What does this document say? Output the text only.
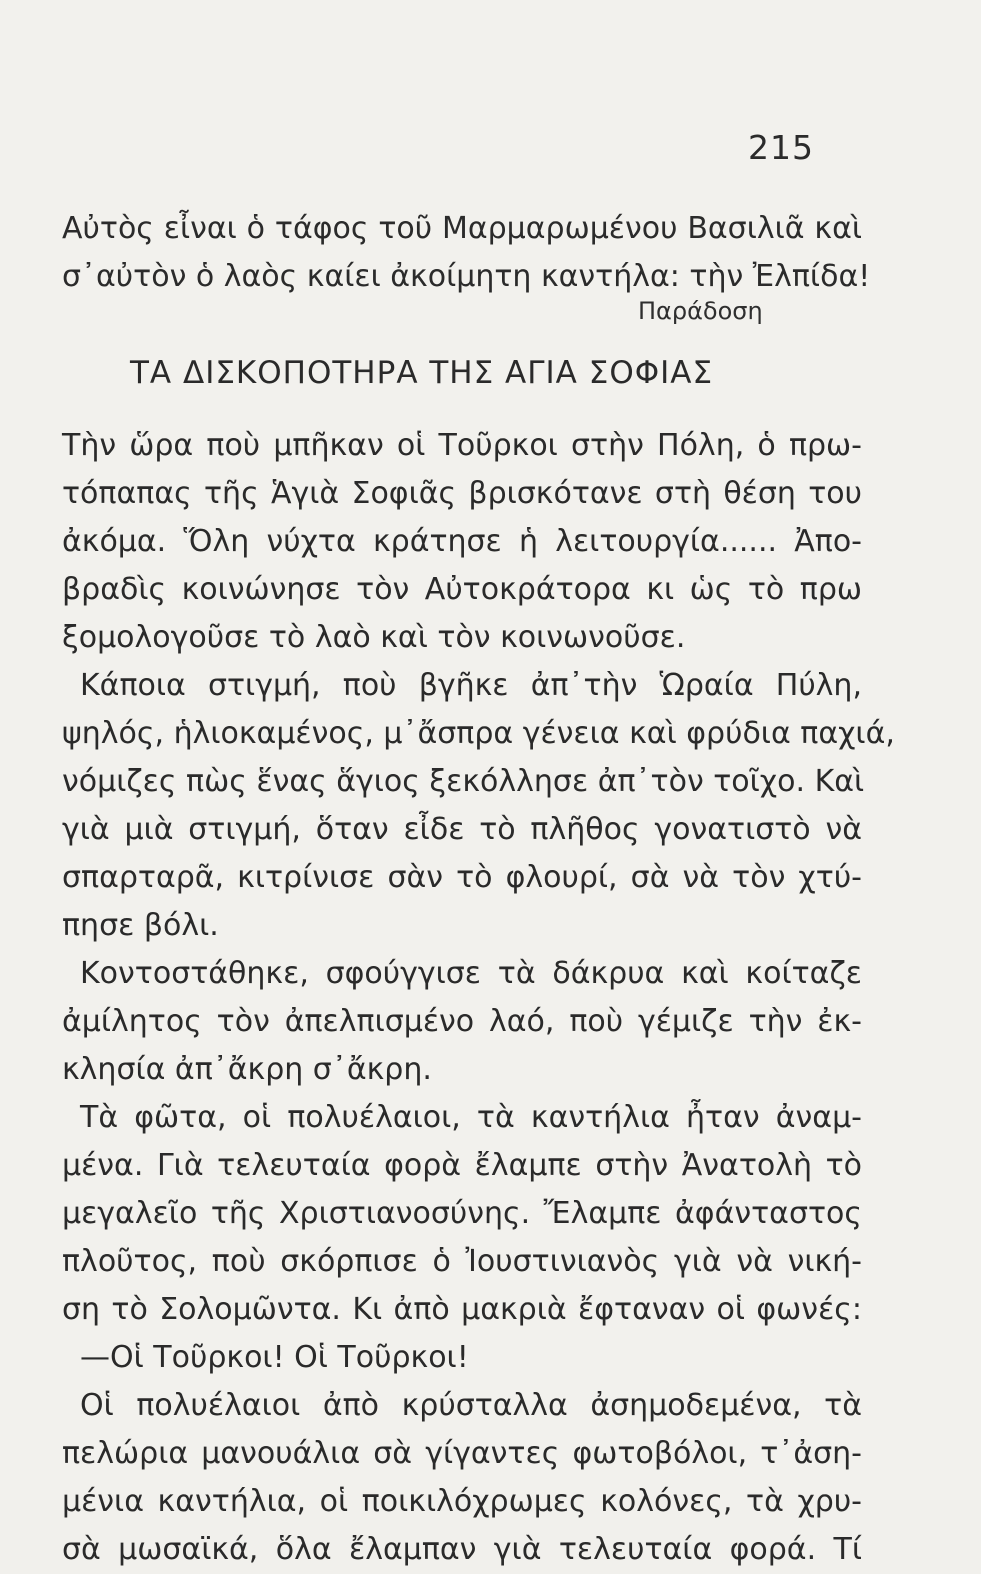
215
Αὐτὸς εἶναι ὁ τάφος τοῦ Μαρμαρωμένου Βασιλιᾶ καὶ
σ᾽αὐτὸν ὁ λαὸς καίει ἀκοίμητη καντήλα: τὴν Ἐλπίδα!
Παράδοση
ΤΑ ΔΙΣΚΟΠΟΤΗΡΑ ΤΗΣ ΑΓΙΑ ΣΟΦΙΑΣ
Τὴν ὥρα ποὺ μπῆκαν οἱ Τοῦρκοι στὴν Πόλη, ὁ πρω-
τόπαπας τῆς Ἁγιὰ Σοφιᾶς βρισκότανε στὴ θέση του
ἀκόμα. Ὅλη νύχτα κράτησε ἡ λειτουργία...... Ἀπο-
βραδὶς κοινώνησε τὸν Αὐτοκράτορα κι ὡς τὸ πρω
ξομολογοῦσε τὸ λαὸ καὶ τὸν κοινωνοῦσε.
Κάποια στιγμή, ποὺ βγῆκε ἀπ᾽τὴν Ὡραία Πύλη,
ψηλός, ἡλιοκαμένος, μ᾽ἄσπρα γένεια καὶ φρύδια παχιά,
νόμιζες πὼς ἕνας ἅγιος ξεκόλλησε ἀπ᾽τὸν τοῖχο. Καὶ
γιὰ μιὰ στιγμή, ὅταν εἶδε τὸ πλῆθος γονατιστὸ νὰ
σπαρταρᾶ, κιτρίνισε σὰν τὸ φλουρί, σὰ νὰ τὸν χτύ-
πησε βόλι.
Κοντοστάθηκε, σφούγγισε τὰ δάκρυα καὶ κοίταζε
ἀμίλητος τὸν ἀπελπισμένο λαό, ποὺ γέμιζε τὴν ἐκ-
κλησία ἀπ᾽ἄκρη σ᾽ἄκρη.
Τὰ φῶτα, οἱ πολυέλαιοι, τὰ καντήλια ἦταν ἀναμ-
μένα. Γιὰ τελευταία φορὰ ἔλαμπε στὴν Ἀνατολὴ τὸ
μεγαλεῖο τῆς Χριστιανοσύνης. Ἔλαμπε ἀφάνταστος
πλοῦτος, ποὺ σκόρπισε ὁ Ἰουστινιανὸς γιὰ νὰ νική-
ση τὸ Σολομῶντα. Κι ἀπὸ μακριὰ ἔφταναν οἱ φωνές:
—Οἱ Τοῦρκοι! Οἱ Τοῦρκοι!
Οἱ πολυέλαιοι ἀπὸ κρύσταλλα ἀσημοδεμένα, τὰ
πελώρια μανουάλια σὰ γίγαντες φωτοβόλοι, τ᾽ἀση-
μένια καντήλια, οἱ ποικιλόχρωμες κολόνες, τὰ χρυ-
σὰ μωσαϊκά, ὅλα ἔλαμπαν γιὰ τελευταία φορά. Τί
